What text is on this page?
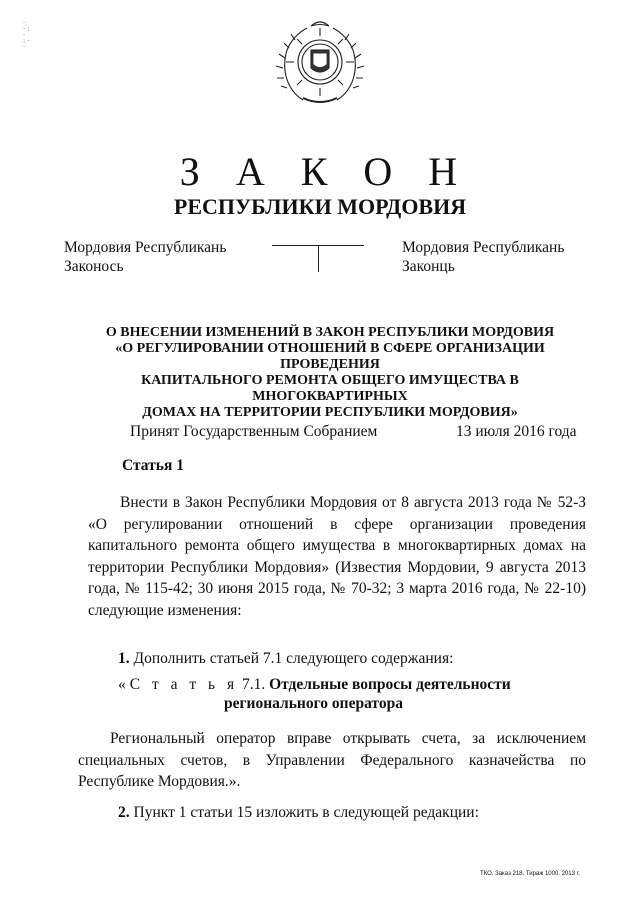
·
·:
·
:·
·
З А К О Н
РЕСПУБЛИКИ МОРДОВИЯ
Мордовия Республикань
Законось
Мордовия Республикань
Законць
О ВНЕСЕНИИ ИЗМЕНЕНИЙ В ЗАКОН РЕСПУБЛИКИ МОРДОВИЯ
«О РЕГУЛИРОВАНИИ ОТНОШЕНИЙ В СФЕРЕ ОРГАНИЗАЦИИ ПРОВЕДЕНИЯ
КАПИТАЛЬНОГО РЕМОНТА ОБЩЕГО ИМУЩЕСТВА В МНОГОКВАРТИРНЫХ
ДОМАХ НА ТЕРРИТОРИИ РЕСПУБЛИКИ МОРДОВИЯ»
Принят Государственным Собранием	13 июля 2016 года
Статья 1
Внести в Закон Республики Мордовия от 8 августа 2013 года № 52-З «О регулировании отношений в сфере организации проведения капитального ремонта общего имущества в многоквартирных домах на территории Республики Мордовия» (Известия Мордовии, 9 августа 2013 года, № 115-42; 30 июня 2015 года, № 70-32; 3 марта 2016 года, № 22-10) следующие изменения:
1. Дополнить статьей 7.1 следующего содержания:
«С т а т ь я 7.1. Отдельные вопросы деятельности
регионального оператора
Региональный оператор вправе открывать счета, за исключением специальных счетов, в Управлении Федерального казначейства по Республике Мордовия.».
2. Пункт 1 статьи 15 изложить в следующей редакции:
ТКО. Заказ 218. Тираж 1000. 2013 г.
